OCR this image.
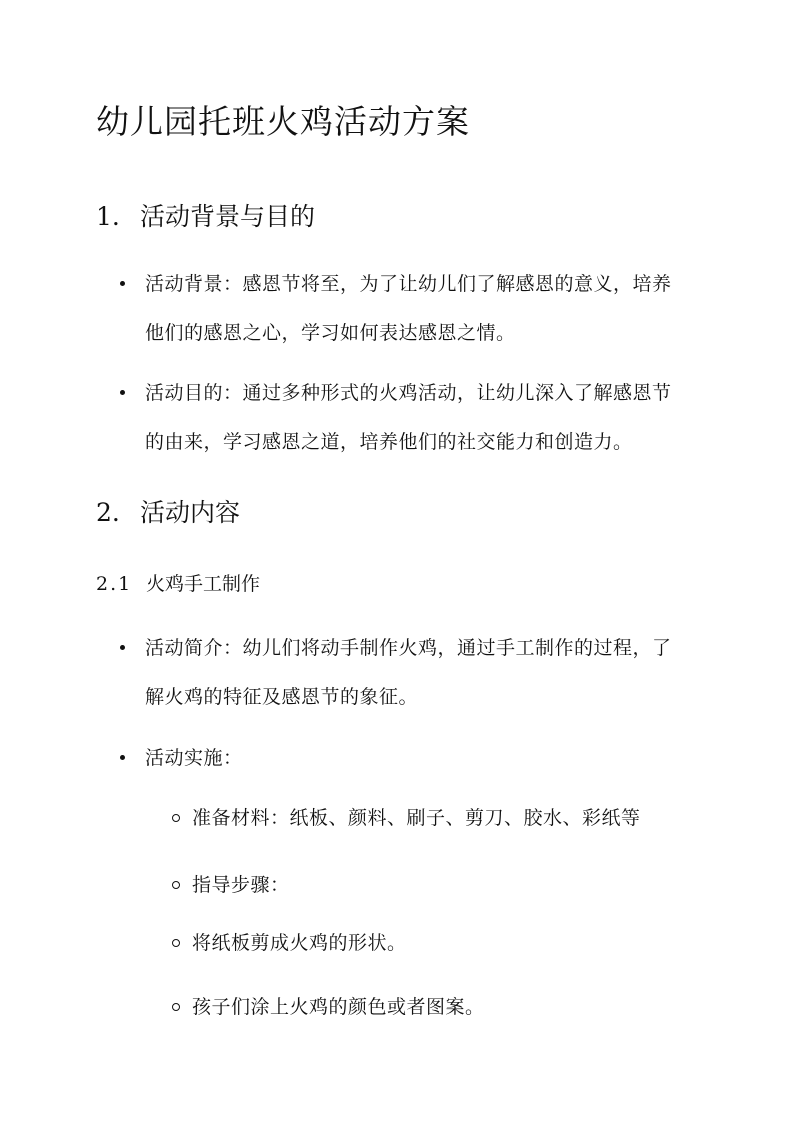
幼儿园托班火鸡活动方案
1. 活动背景与目的
活动背景：感恩节将至，为了让幼儿们了解感恩的意义，培养他们的感恩之心，学习如何表达感恩之情。
活动目的：通过多种形式的火鸡活动，让幼儿深入了解感恩节的由来，学习感恩之道，培养他们的社交能力和创造力。
2. 活动内容
2.1 火鸡手工制作
活动简介：幼儿们将动手制作火鸡，通过手工制作的过程，了解火鸡的特征及感恩节的象征。
活动实施：
准备材料：纸板、颜料、刷子、剪刀、胶水、彩纸等
指导步骤：
将纸板剪成火鸡的形状。
孩子们涂上火鸡的颜色或者图案。
